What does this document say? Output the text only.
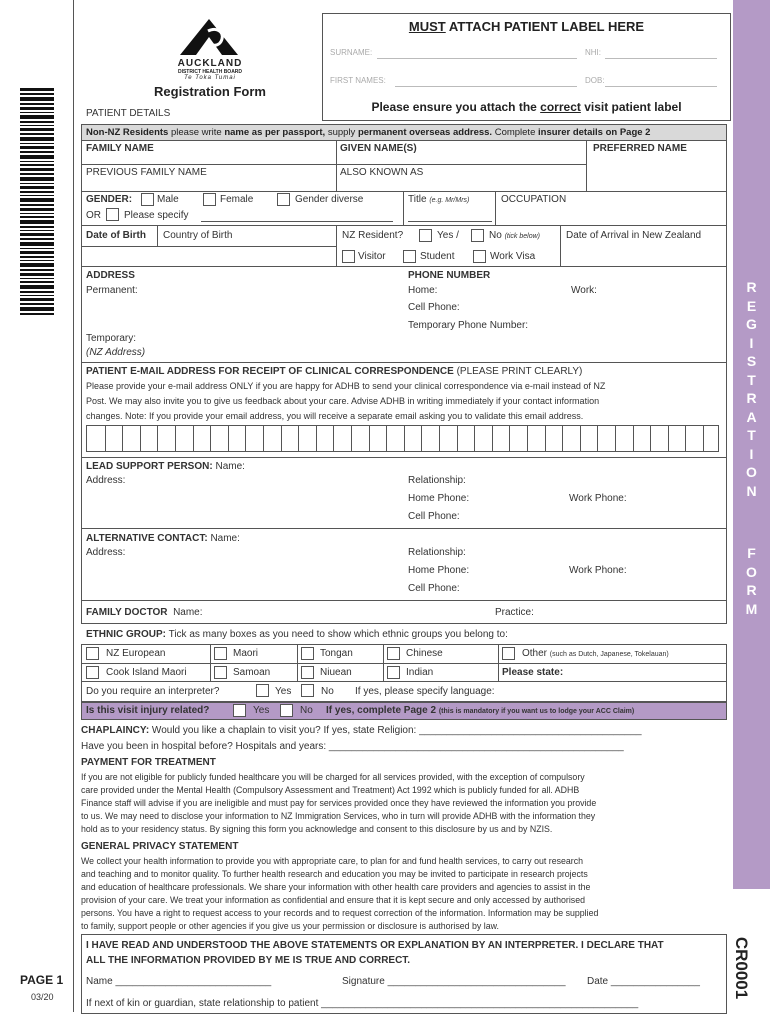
PAGE 1
03/20
R
E
G
I
S
T
R
A
T
I
O
N
F
O
R
M
CR0001
AUCKLAND
DISTRICT HEALTH BOARD
Te Toka Tumai
Registration Form
PATIENT DETAILS
MUST ATTACH PATIENT LABEL HERE
SURNAME:	NHI:
FIRST NAMES:	DOB:
Please ensure you attach the correct visit patient label
Non-NZ Residents please write name as per passport, supply permanent overseas address. Complete insurer details on Page 2
FAMILY NAME	GIVEN NAME(S)	PREFERRED NAME
PREVIOUS FAMILY NAME	ALSO KNOWN AS
GENDER: Male	Female	Gender diverse
OR Please specify
Title (e.g. Mr/Mrs)	OCCUPATION
Date of Birth Country of Birth	NZ Resident?	Yes /	No (tick below)	Date of Arrival in New Zealand
Visitor	Student	Work Visa
ADDRESS
Permanent:
Temporary:
(NZ Address)
PHONE NUMBER
Home:	Work:
Cell Phone:
Temporary Phone Number:
PATIENT E-MAIL ADDRESS FOR RECEIPT OF CLINICAL CORRESPONDENCE (PLEASE PRINT CLEARLY)
Please provide your e-mail address ONLY if you are happy for ADHB to send your clinical correspondence via e-mail instead of NZ
Post. We may also invite you to give us feedback about your care. Advise ADHB in writing immediately if your contact information
changes. Note: If you provide your email address, you will receive a separate email asking you to validate this email address.
LEAD SUPPORT PERSON: Name:
Address:	Relationship:
Home Phone:	Work Phone:
Cell Phone:
ALTERNATIVE CONTACT: Name:
Address:	Relationship:
Home Phone:	Work Phone:
Cell Phone:
FAMILY DOCTOR Name:	Practice:
ETHNIC GROUP: Tick as many boxes as you need to show which ethnic groups you belong to:
NZ European	Maori	Tongan	Chinese	Other (such as Dutch, Japanese, Tokelauan)
Cook Island Maori	Samoan	Niuean	Indian	Please state:
Do you require an interpreter?	Yes	No If yes, please specify language:
Is this visit injury related?	Yes	No If yes, complete Page 2 (this is mandatory if you want us to lodge your ACC Claim)
CHAPLAINCY: Would you like a chaplain to visit you? If yes, state Religion: ________________________________________
Have you been in hospital before? Hospitals and years: _____________________________________________________
PAYMENT FOR TREATMENT
If you are not eligible for publicly funded healthcare you will be charged for all services provided, with the exception of compulsory
care provided under the Mental Health (Compulsory Assessment and Treatment) Act 1992 which is publicly funded for all. ADHB
Finance staff will advise if you are ineligible and must pay for services provided once they have reviewed the information you provide
to us. We may need to disclose your information to NZ Immigration Services, who in turn will provide ADHB with the information they
hold as to your residency status. By signing this form you acknowledge and consent to this disclosure by us and by NZIS.
GENERAL PRIVACY STATEMENT
We collect your health information to provide you with appropriate care, to plan for and fund health services, to carry out research
and teaching and to monitor quality. To further health research and education you may be invited to participate in research projects
and education of healthcare professionals. We share your information with other health care providers and agencies to assist in the
provision of your care. We treat your information as confidential and ensure that it is kept secure and only accessed by authorised
persons. You have a right to request access to your records and to request correction of the information. Information may be supplied
to family, support people or other agencies if you give us your permission or disclosure is authorised by law.
I HAVE READ AND UNDERSTOOD THE ABOVE STATEMENTS OR EXPLANATION BY AN INTERPRETER. I DECLARE THAT
ALL THE INFORMATION PROVIDED BY ME IS TRUE AND CORRECT.
Name ____________________________	Signature ________________________________ Date ________________
If next of kin or guardian, state relationship to patient _________________________________________________________
